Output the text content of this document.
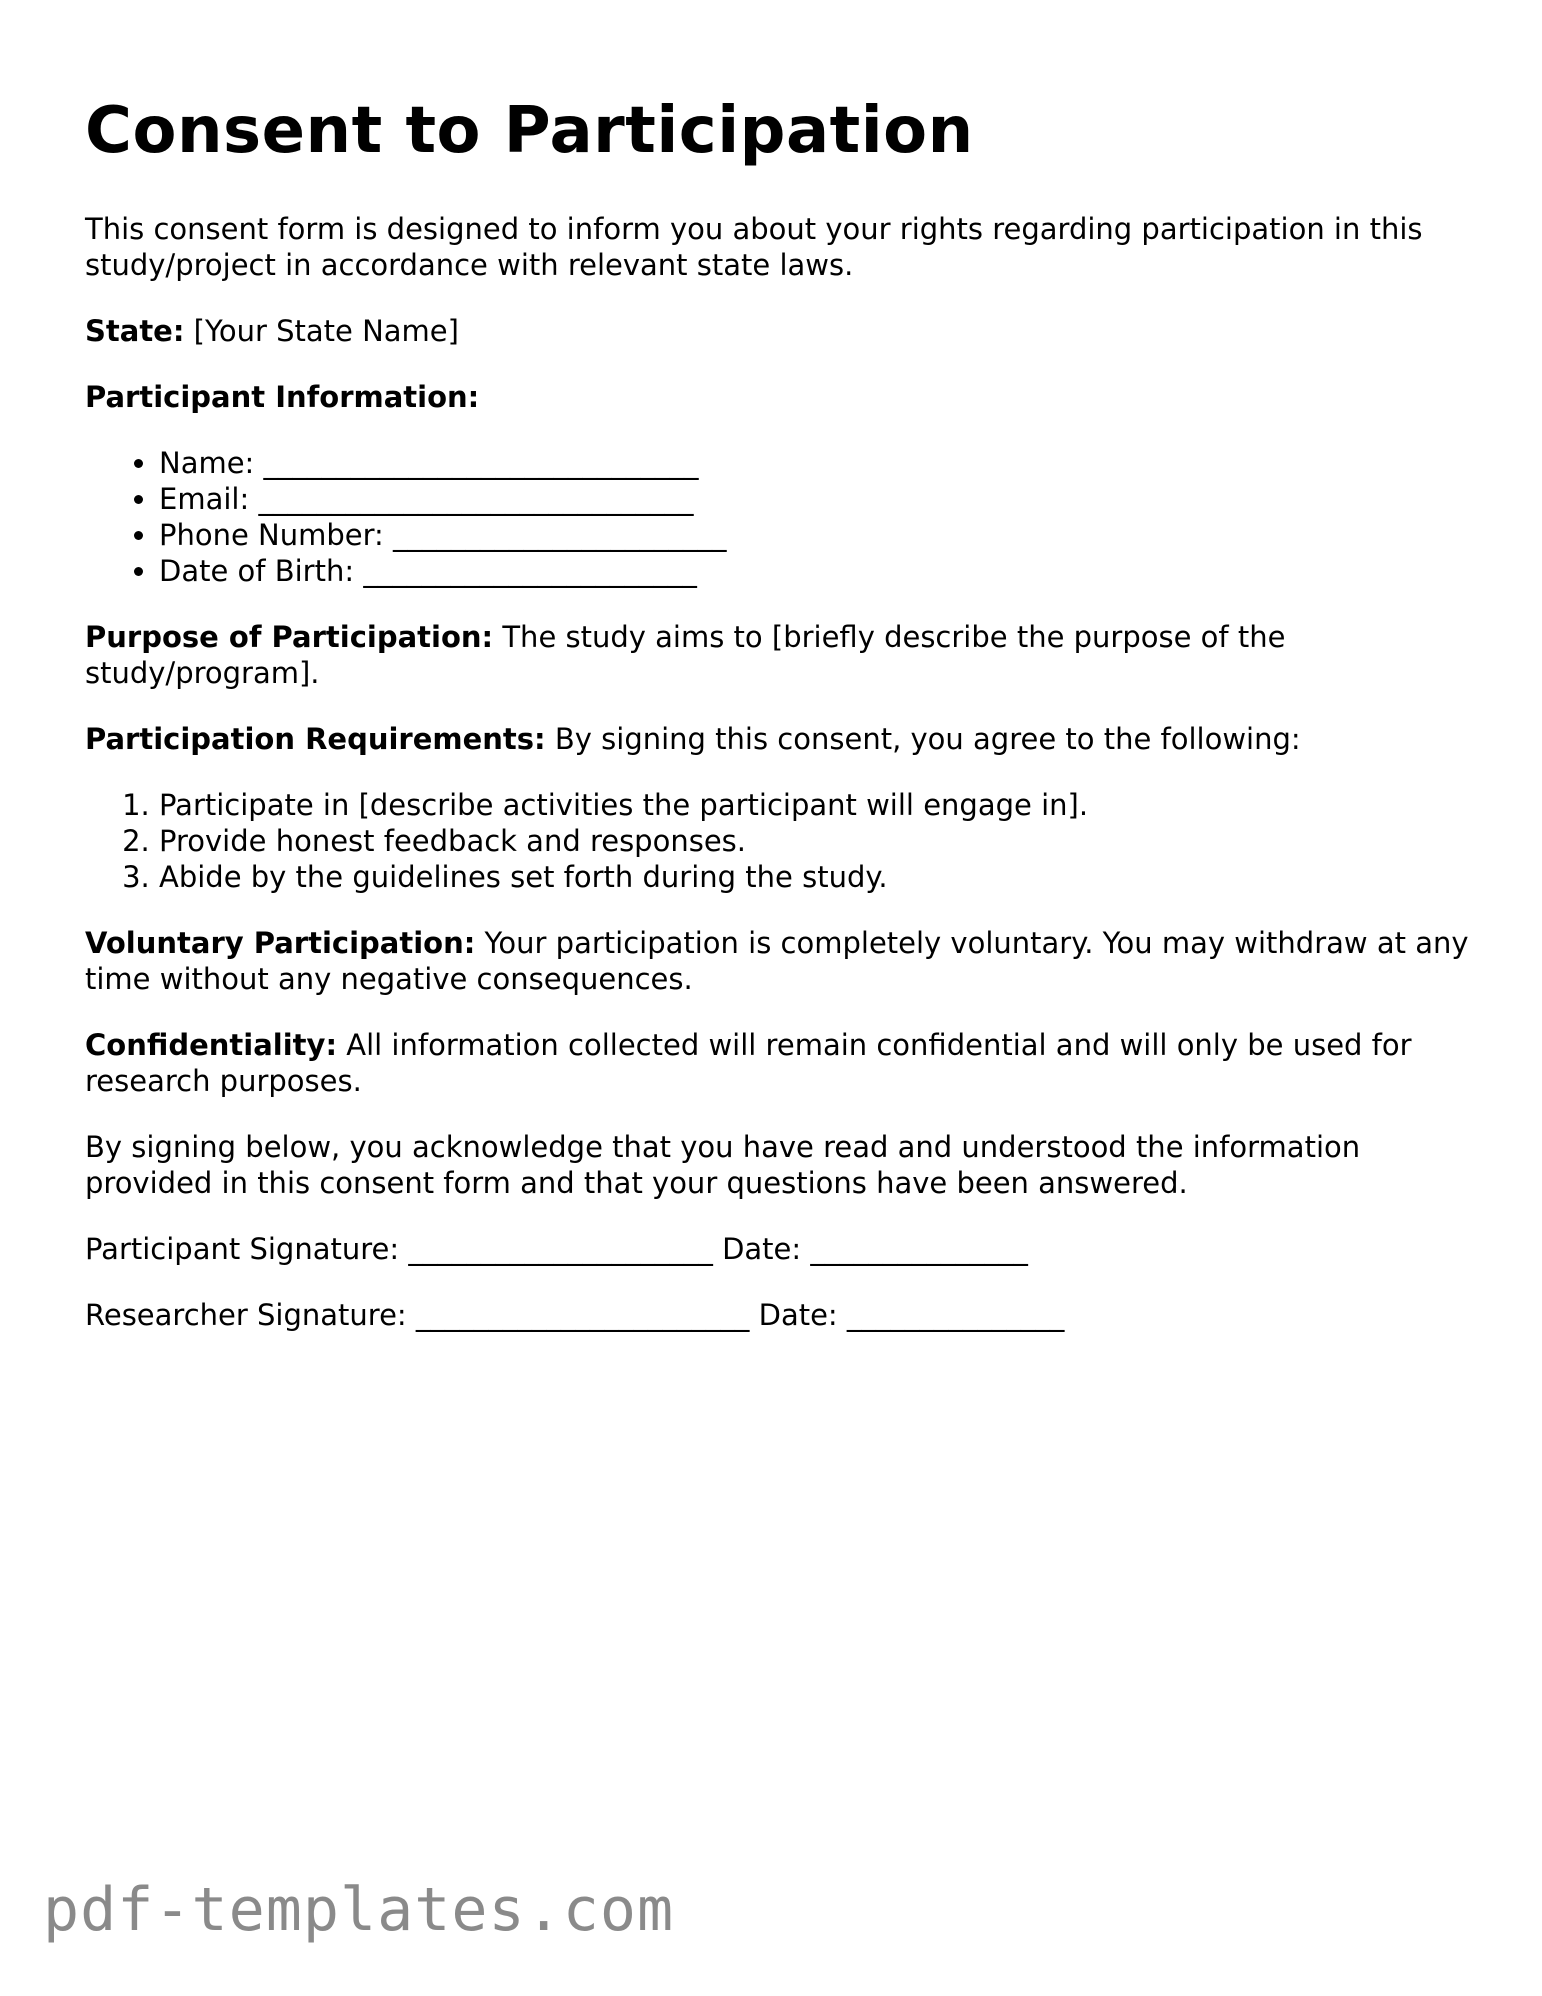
Consent to Participation

This consent form is designed to inform you about your rights regarding participation in this study/project in accordance with relevant state laws.

State: [Your State Name]

Participant Information:

• Name: ______________________________
• Email: ______________________________
• Phone Number: _______________________
• Date of Birth: _______________________

Purpose of Participation: The study aims to [briefly describe the purpose of the study/program].

Participation Requirements: By signing this consent, you agree to the following:

1. Participate in [describe activities the participant will engage in].
2. Provide honest feedback and responses.
3. Abide by the guidelines set forth during the study.

Voluntary Participation: Your participation is completely voluntary. You may withdraw at any time without any negative consequences.

Confidentiality: All information collected will remain confidential and will only be used for research purposes.

By signing below, you acknowledge that you have read and understood the information provided in this consent form and that your questions have been answered.

Participant Signature: _____________________ Date: _______________

Researcher Signature: _______________________ Date: _______________

pdf-templates.com
